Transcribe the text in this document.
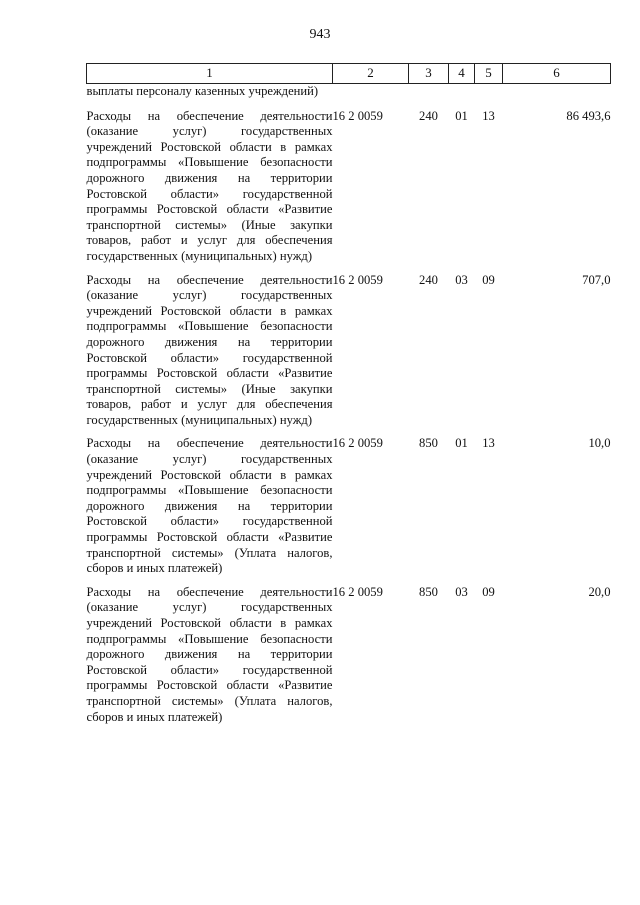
943
1	2	3	4	5	6
выплаты персоналу казенных учреждений)					
Расходы на обеспечение деятельности (оказание услуг) государственных учреждений Ростовской области в рамках подпрограммы «Повышение безопасности дорожного движения на территории Ростовской области» государственной программы Ростовской области «Развитие транспортной системы» (Иные закупки товаров, работ и услуг для обеспечения государственных (муниципальных) нужд)	16 2 0059	240	01	13	86 493,6
Расходы на обеспечение деятельности (оказание услуг) государственных учреждений Ростовской области в рамках подпрограммы «Повышение безопасности дорожного движения на территории Ростовской области» государственной программы Ростовской области «Развитие транспортной системы» (Иные закупки товаров, работ и услуг для обеспечения государственных (муниципальных) нужд)	16 2 0059	240	03	09	707,0
Расходы на обеспечение деятельности (оказание услуг) государственных учреждений Ростовской области в рамках подпрограммы «Повышение безопасности дорожного движения на территории Ростовской области» государственной программы Ростовской области «Развитие транспортной системы» (Уплата налогов, сборов и иных платежей)	16 2 0059	850	01	13	10,0
Расходы на обеспечение деятельности (оказание услуг) государственных учреждений Ростовской области в рамках подпрограммы «Повышение безопасности дорожного движения на территории Ростовской области» государственной программы Ростовской области «Развитие транспортной системы» (Уплата налогов, сборов и иных платежей)	16 2 0059	850	03	09	20,0
